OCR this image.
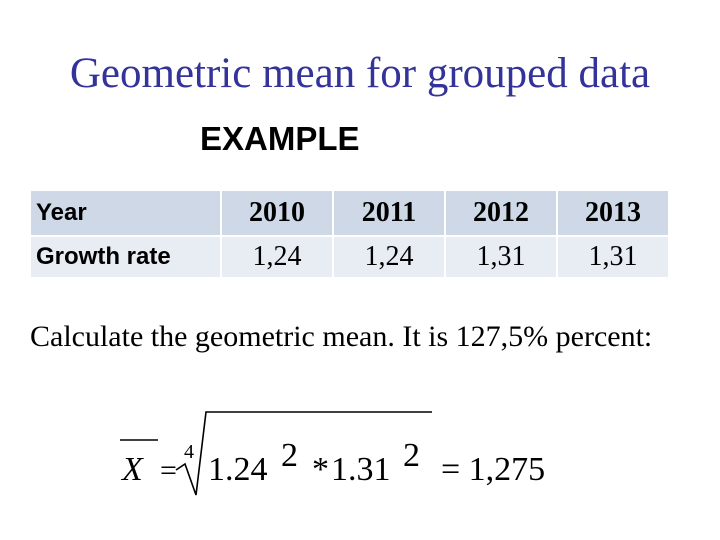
Geometric mean for grouped data
EXAMPLE
Year	2010	2011	2012	2013
Growth rate	1,24	1,24	1,31	1,31
Calculate the geometric mean. It is 127,5% percent:
X =
4 1.24 2 * 1.31 2 = 1,275
